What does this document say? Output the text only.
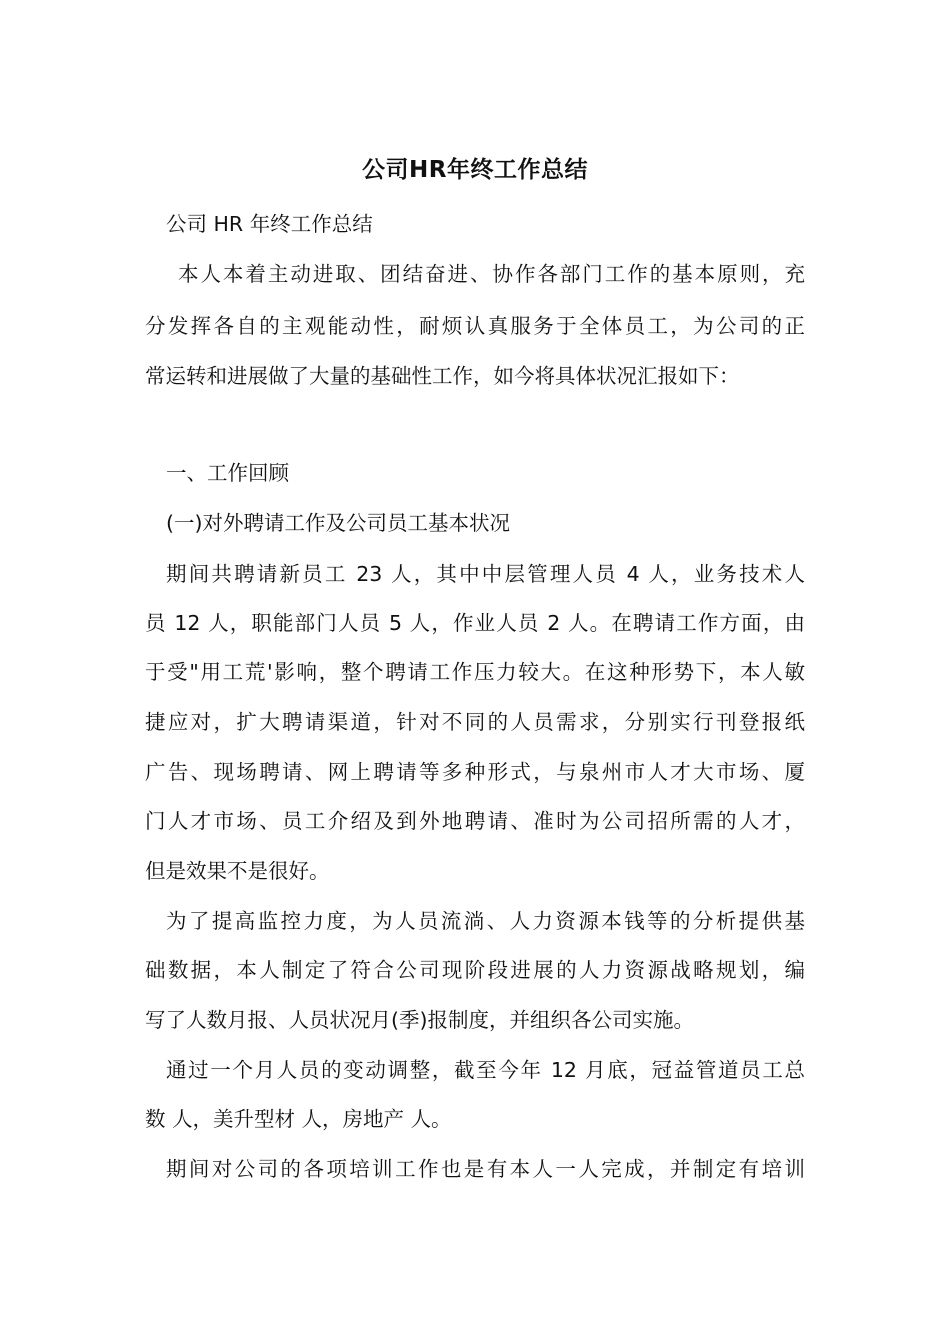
公司HR年终工作总结
公司 HR 年终工作总结
本人本着主动进取、团结奋进、协作各部门工作的基本原则，充
分发挥各自的主观能动性，耐烦认真服务于全体员工，为公司的正
常运转和进展做了大量的基础性工作，如今将具体状况汇报如下：
一、工作回顾
(一)对外聘请工作及公司员工基本状况
期间共聘请新员工 23 人，其中中层管理人员 4 人，业务技术人
员 12 人，职能部门人员 5 人，作业人员 2 人。在聘请工作方面，由
于受"用工荒'影响，整个聘请工作压力较大。在这种形势下，本人敏
捷应对，扩大聘请渠道，针对不同的人员需求，分别实行刊登报纸
广告、现场聘请、网上聘请等多种形式，与泉州市人才大市场、厦
门人才市场、员工介绍及到外地聘请、准时为公司招所需的人才，
但是效果不是很好。
为了提高监控力度，为人员流淌、人力资源本钱等的分析提供基
础数据，本人制定了符合公司现阶段进展的人力资源战略规划，编
写了人数月报、人员状况月(季)报制度，并组织各公司实施。
通过一个月人员的变动调整，截至今年 12 月底，冠益管道员工总
数 人，美升型材 人，房地产 人。
期间对公司的各项培训工作也是有本人一人完成，并制定有培训
